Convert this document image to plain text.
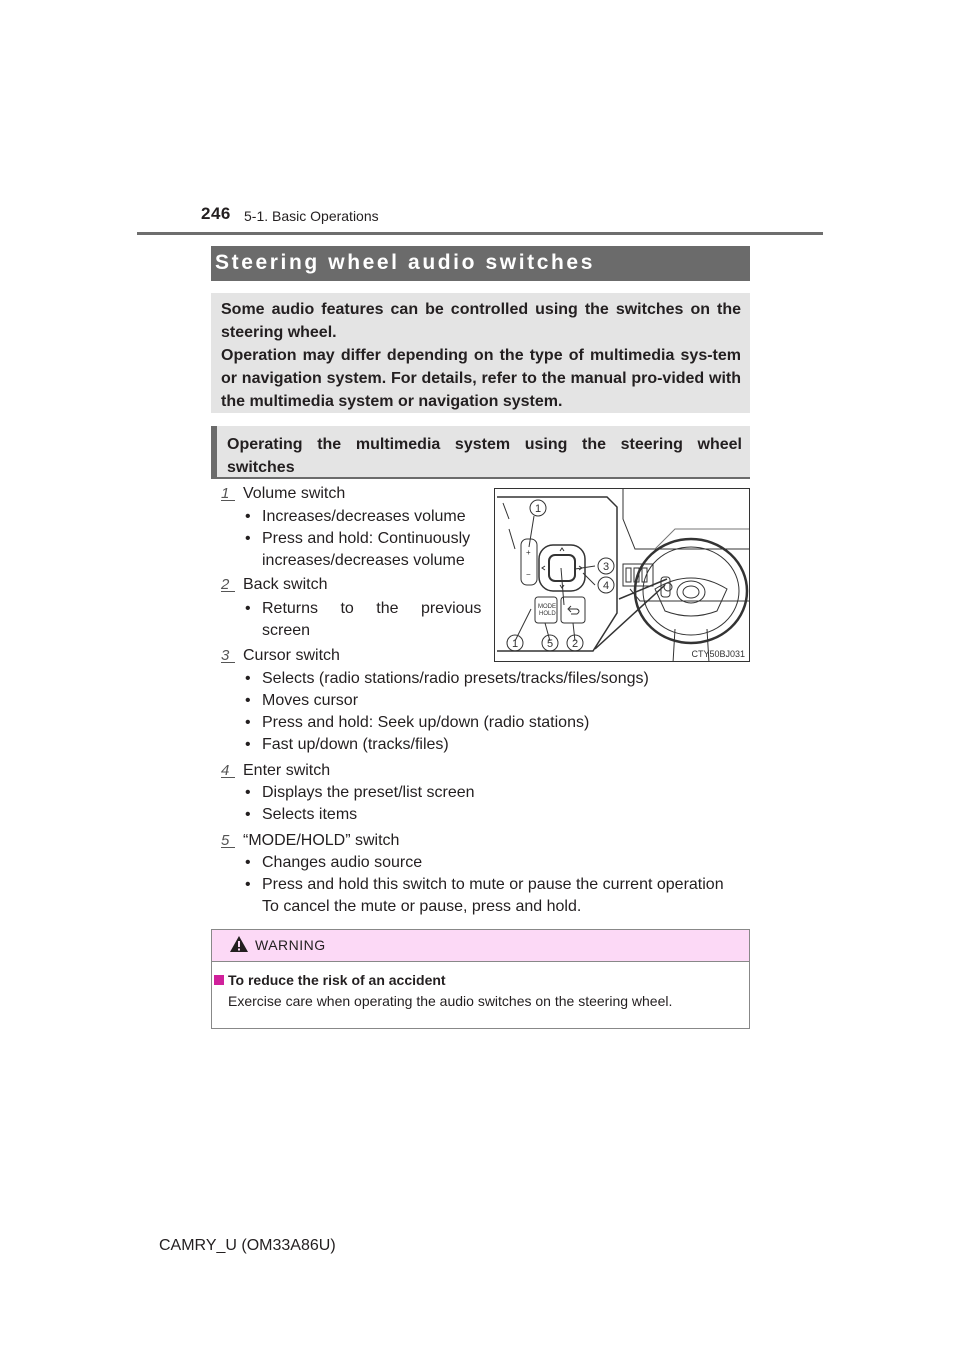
246 5-1. Basic Operations
Steering wheel audio switches

Some audio features can be controlled using the switches on the steering wheel.

Operation may differ depending on the type of multimedia sys-tem or navigation system. For details, refer to the manual pro-vided with the multimedia system or navigation system.

Operating the multimedia system using the steering wheel switches
1 Volume switch
• Increases/decreases volume
• Press and hold: Continuously
increases/decreases volume
2 Back switch
• Returns to the previous
screen
3 Cursor switch
• Selects (radio stations/radio presets/tracks/files/songs)
• Moves cursor
• Press and hold: Seek up/down (radio stations)
• Fast up/down (tracks/files)
4 Enter switch
• Displays the preset/list screen
• Selects items
5 “MODE/HOLD” switch
• Changes audio source
• Press and hold this switch to mute or pause the current operation
To cancel the mute or pause, press and hold.
+
−
MODE
HOLD
1
3
4
1	5 2
CTY50BJ031
WARNING
To reduce the risk of an accident
Exercise care when operating the audio switches on the steering wheel.
CAMRY_U (OM33A86U)
